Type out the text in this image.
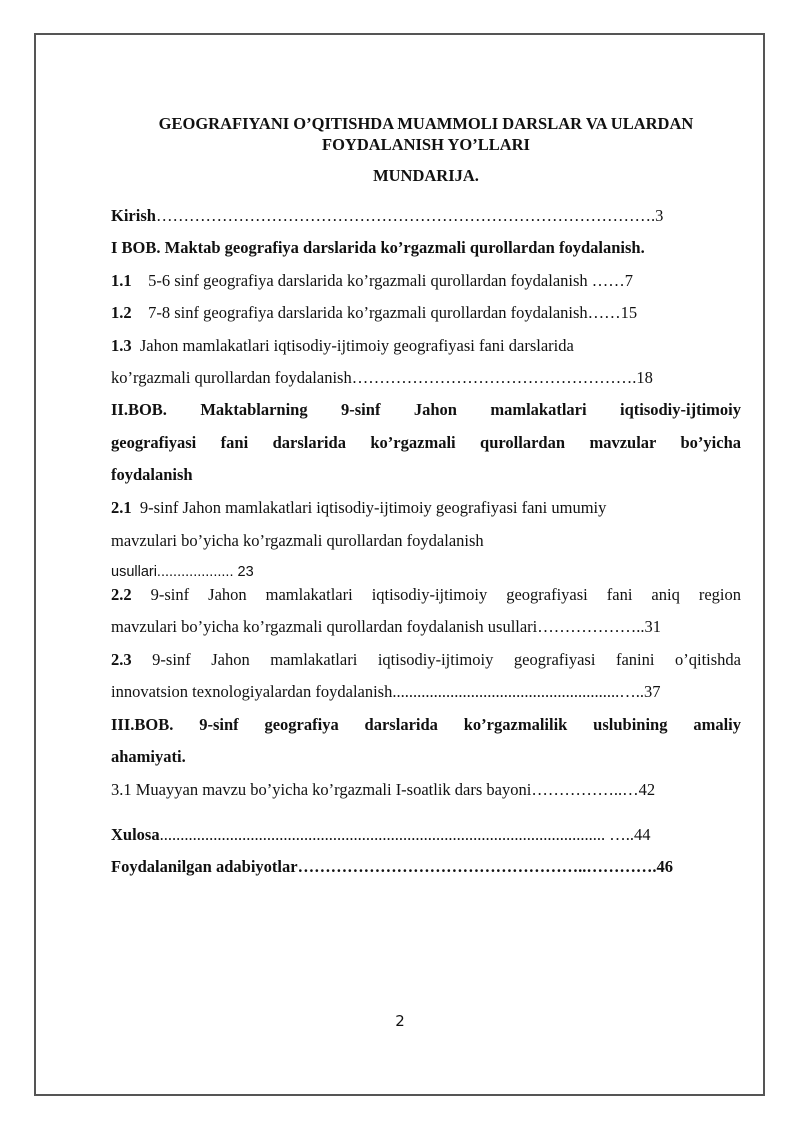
GEOGRAFIYANI O’QITISHDA MUAMMOLI DARSLAR VA ULARDAN
FOYDALANISH YO’LLARI
MUNDARIJA.
Kirish……………………………………………………………………………….3
I BOB. Maktab geografiya darslarida ko’rgazmali qurollardan foydalanish.
1.1 5-6 sinf geografiya darslarida ko’rgazmali qurollardan foydalanish ……7
1.2 7-8 sinf geografiya darslarida ko’rgazmali qurollardan foydalanish……15
1.3 Jahon mamlakatlari iqtisodiy-ijtimoiy geografiyasi fani darslarida
ko’rgazmali qurollardan foydalanish…………………………………………….18
II.BOB. Maktablarning 9-sinf Jahon mamlakatlari iqtisodiy-ijtimoiy
geografiyasi fani darslarida ko’rgazmali qurollardan mavzular bo’yicha
foydalanish
2.1 9-sinf Jahon mamlakatlari iqtisodiy-ijtimoiy geografiyasi fani umumiy
mavzulari bo’yicha ko’rgazmali qurollardan foydalanish
usullari................... 23
2.2 9-sinf Jahon mamlakatlari iqtisodiy-ijtimoiy geografiyasi fani aniq region
mavzulari bo’yicha ko’rgazmali qurollardan foydalanish usullari………………..31
2.3 9-sinf Jahon mamlakatlari iqtisodiy-ijtimoiy geografiyasi fanini o’qitishda
innovatsion texnologiyalardan foydalanish.......................................................…..37
III.BOB. 9-sinf geografiya darslarida ko’rgazmalilik uslubining amaliy
ahamiyati.
3.1 Muayyan mavzu bo’yicha ko’rgazmali I-soatlik dars bayoni……………..…42
Xulosa............................................................................................................ …..44
Foydalanilgan adabiyotlar……………………………………………..………….46
2
